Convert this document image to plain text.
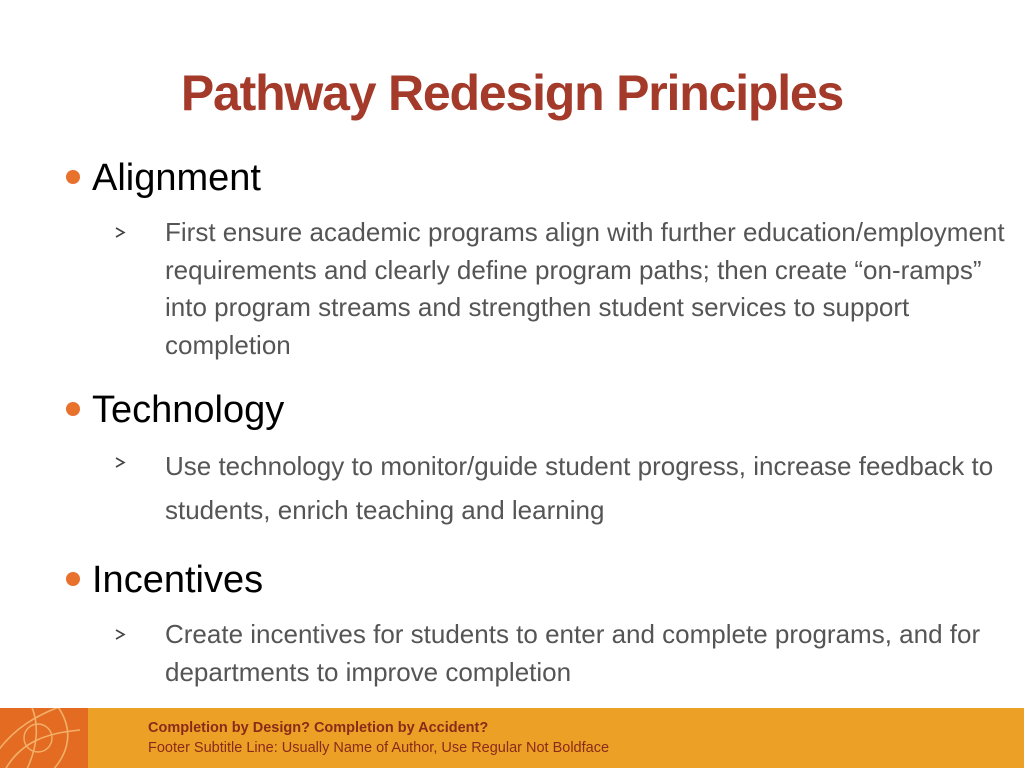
Pathway Redesign Principles
Alignment
First ensure academic programs align with further education/employment requirements and clearly define program paths; then create “on-ramps” into program streams and strengthen student services to support completion
Technology
Use technology to monitor/guide student progress, increase feedback to students, enrich teaching and learning
Incentives
Create incentives for students to enter and complete programs, and for departments to improve completion
Completion by Design? Completion by Accident?
Footer Subtitle Line: Usually Name of Author, Use Regular Not Boldface
